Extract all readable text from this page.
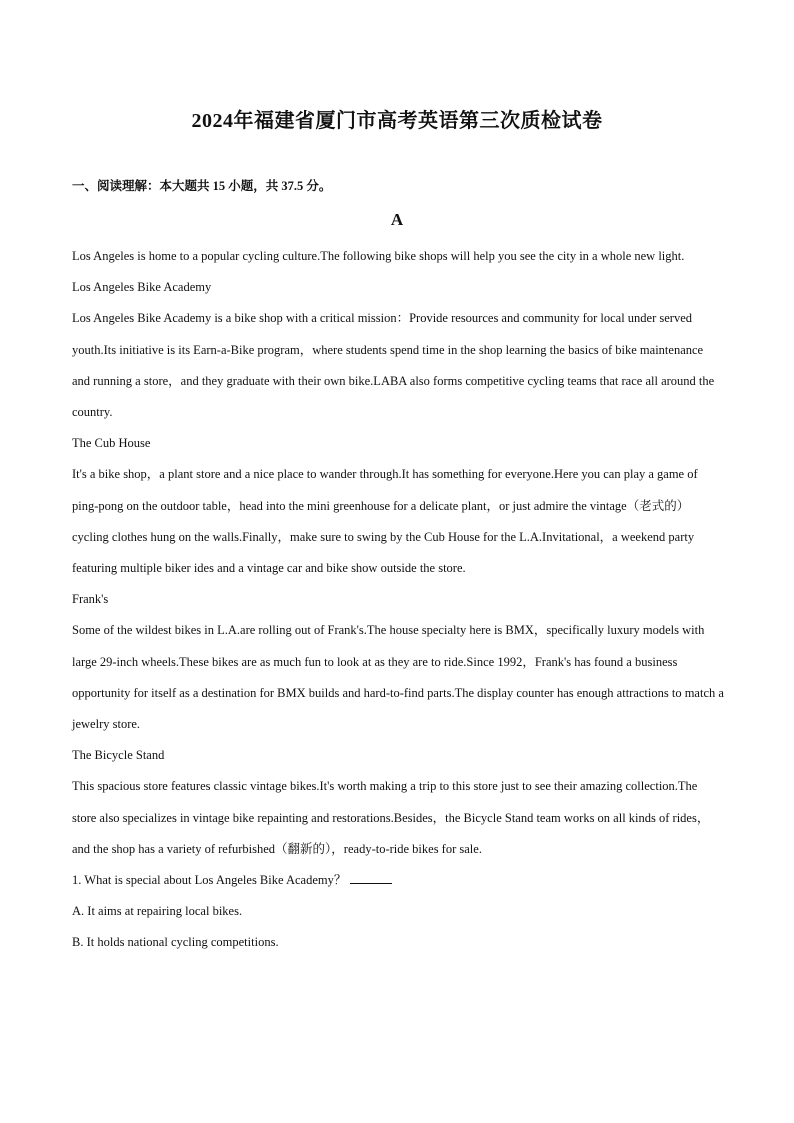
2024年福建省厦门市高考英语第三次质检试卷
一、阅读理解：本大题共 15 小题，共 37.5 分。
A

Los Angeles is home to a popular cycling culture.The following bike shops will help you see the city in a whole new light.

Los Angeles Bike Academy

Los Angeles Bike Academy is a bike shop with a critical mission：Provide resources and community for local under served youth.Its initiative is its Earn-a-Bike program，where students spend time in the shop learning the basics of bike maintenance and running a store，and they graduate with their own bike.LABA also forms competitive cycling teams that race all around the country.

The Cub House

It's a bike shop，a plant store and a nice place to wander through.It has something for everyone.Here you can play a game of ping-pong on the outdoor table，head into the mini greenhouse for a delicate plant，or just admire the vintage（老式的） cycling clothes hung on the walls.Finally，make sure to swing by the Cub House for the L.A.Invitational，a weekend party featuring multiple biker ides and a vintage car and bike show outside the store.

Frank's

Some of the wildest bikes in L.A.are rolling out of Frank's.The house specialty here is BMX，specifically luxury models with large 29-inch wheels.These bikes are as much fun to look at as they are to ride.Since 1992，Frank's has found a business opportunity for itself as a destination for BMX builds and hard-to-find parts.The display counter has enough attractions to match a jewelry store.

The Bicycle Stand

This spacious store features classic vintage bikes.It's worth making a trip to this store just to see their amazing collection.The store also specializes in vintage bike repainting and restorations.Besides，the Bicycle Stand team works on all kinds of rides，and the shop has a variety of refurbished（翻新的），ready-to-ride bikes for sale.

1. What is special about Los Angeles Bike Academy？

A. It aims at repairing local bikes.

B. It holds national cycling competitions.
